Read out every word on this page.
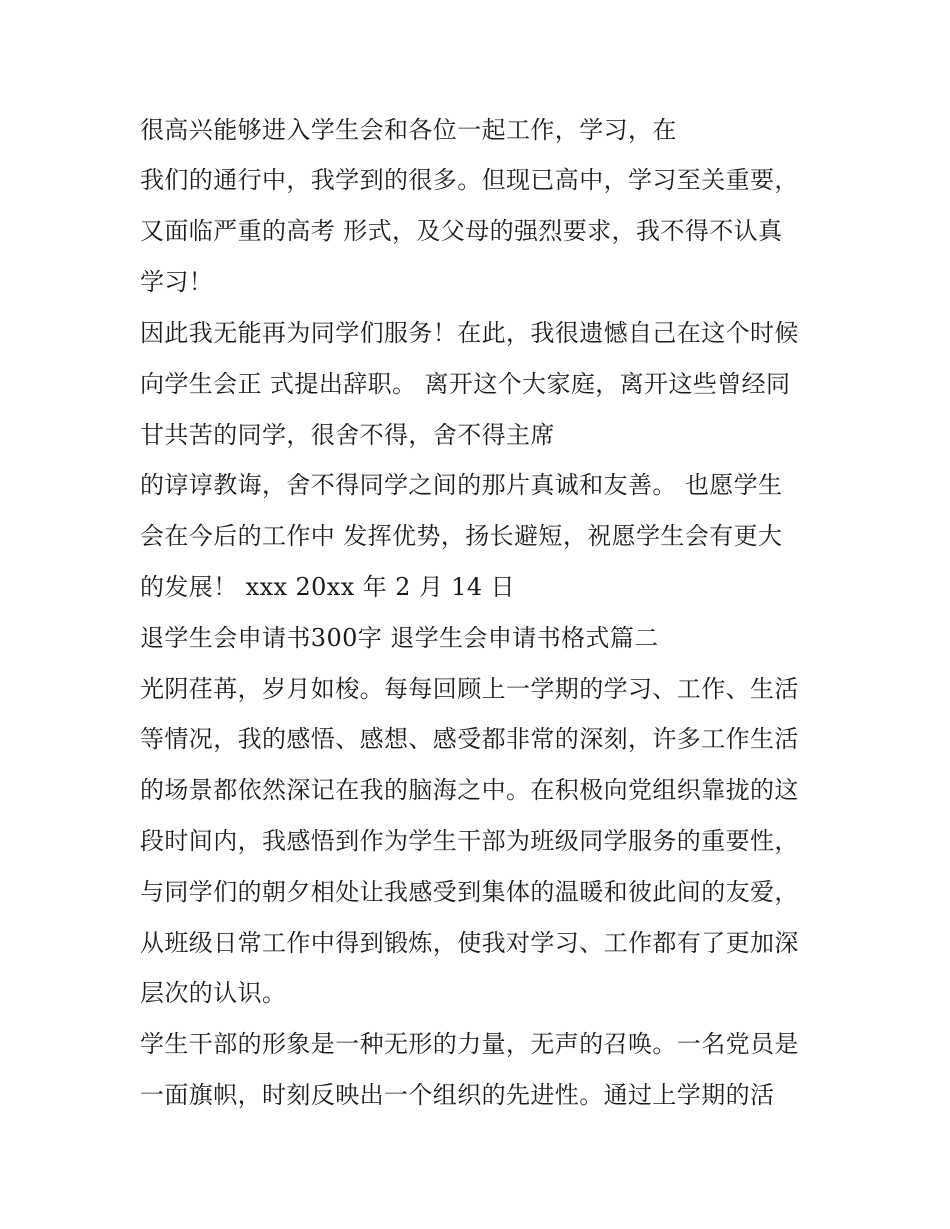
很高兴能够进入学生会和各位一起工作，学习，在

我们的通行中，我学到的很多。但现已高中，学习至关重要，

又面临严重的高考 形式，及父母的强烈要求，我不得不认真

学习！

因此我无能再为同学们服务！在此，我很遗憾自己在这个时候

向学生会正 式提出辞职。 离开这个大家庭，离开这些曾经同

甘共苦的同学，很舍不得，舍不得主席

的谆谆教诲，舍不得同学之间的那片真诚和友善。 也愿学生

会在今后的工作中 发挥优势，扬长避短，祝愿学生会有更大

的发展！ xxx 20xx 年 2 月 14 日

退学生会申请书300字 退学生会申请书格式篇二

光阴荏苒，岁月如梭。每每回顾上一学期的学习、工作、生活

等情况，我的感悟、感想、感受都非常的深刻，许多工作生活

的场景都依然深记在我的脑海之中。在积极向党组织靠拢的这

段时间内，我感悟到作为学生干部为班级同学服务的重要性，

与同学们的朝夕相处让我感受到集体的温暖和彼此间的友爱，

从班级日常工作中得到锻炼，使我对学习、工作都有了更加深

层次的认识。

学生干部的形象是一种无形的力量，无声的召唤。一名党员是

一面旗帜，时刻反映出一个组织的先进性。通过上学期的活
